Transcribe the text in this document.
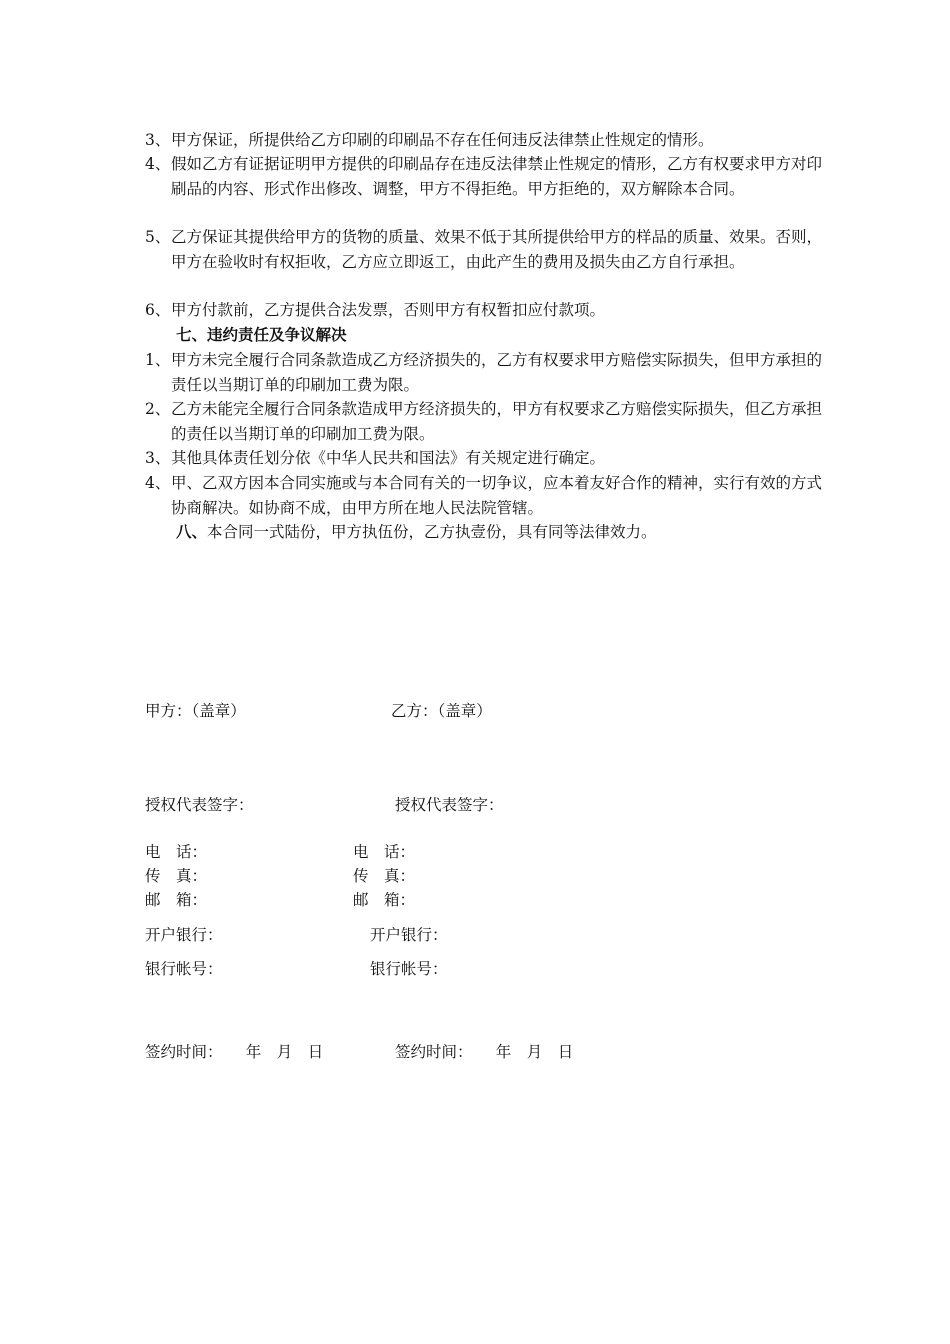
3、 甲方保证，所提供给乙方印刷的印刷品不存在任何违反法律禁止性规定的情形。
4、 假如乙方有证据证明甲方提供的印刷品存在违反法律禁止性规定的情形，乙方有权要求甲方对印刷品的内容、形式作出修改、调整，甲方不得拒绝。甲方拒绝的，双方解除本合同。
5、 乙方保证其提供给甲方的货物的质量、效果不低于其所提供给甲方的样品的质量、效果。否则，甲方在验收时有权拒收，乙方应立即返工，由此产生的费用及损失由乙方自行承担。
6、 甲方付款前，乙方提供合法发票，否则甲方有权暂扣应付款项。
七、违约责任及争议解决
1、 甲方未完全履行合同条款造成乙方经济损失的，乙方有权要求甲方赔偿实际损失，但甲方承担的责任以当期订单的印刷加工费为限。
2、 乙方未能完全履行合同条款造成甲方经济损失的，甲方有权要求乙方赔偿实际损失，但乙方承担的责任以当期订单的印刷加工费为限。
3、 其他具体责任划分依《中华人民共和国法》有关规定进行确定。
4、 甲、乙双方因本合同实施或与本合同有关的一切争议，应本着友好合作的精神，实行有效的方式协商解决。如协商不成，由甲方所在地人民法院管辖。
八、本合同一式陆份，甲方执伍份，乙方执壹份，具有同等法律效力。
甲方：（盖章）	乙方：（盖章）
授权代表签字：	授权代表签字：
电　话：	电　话：
传　真：	传　真：
邮　箱：	邮　箱：
开户银行：	开户银行：
银行帐号：	银行帐号：
签约时间：　　年　月　日	签约时间：　　年　月　日
